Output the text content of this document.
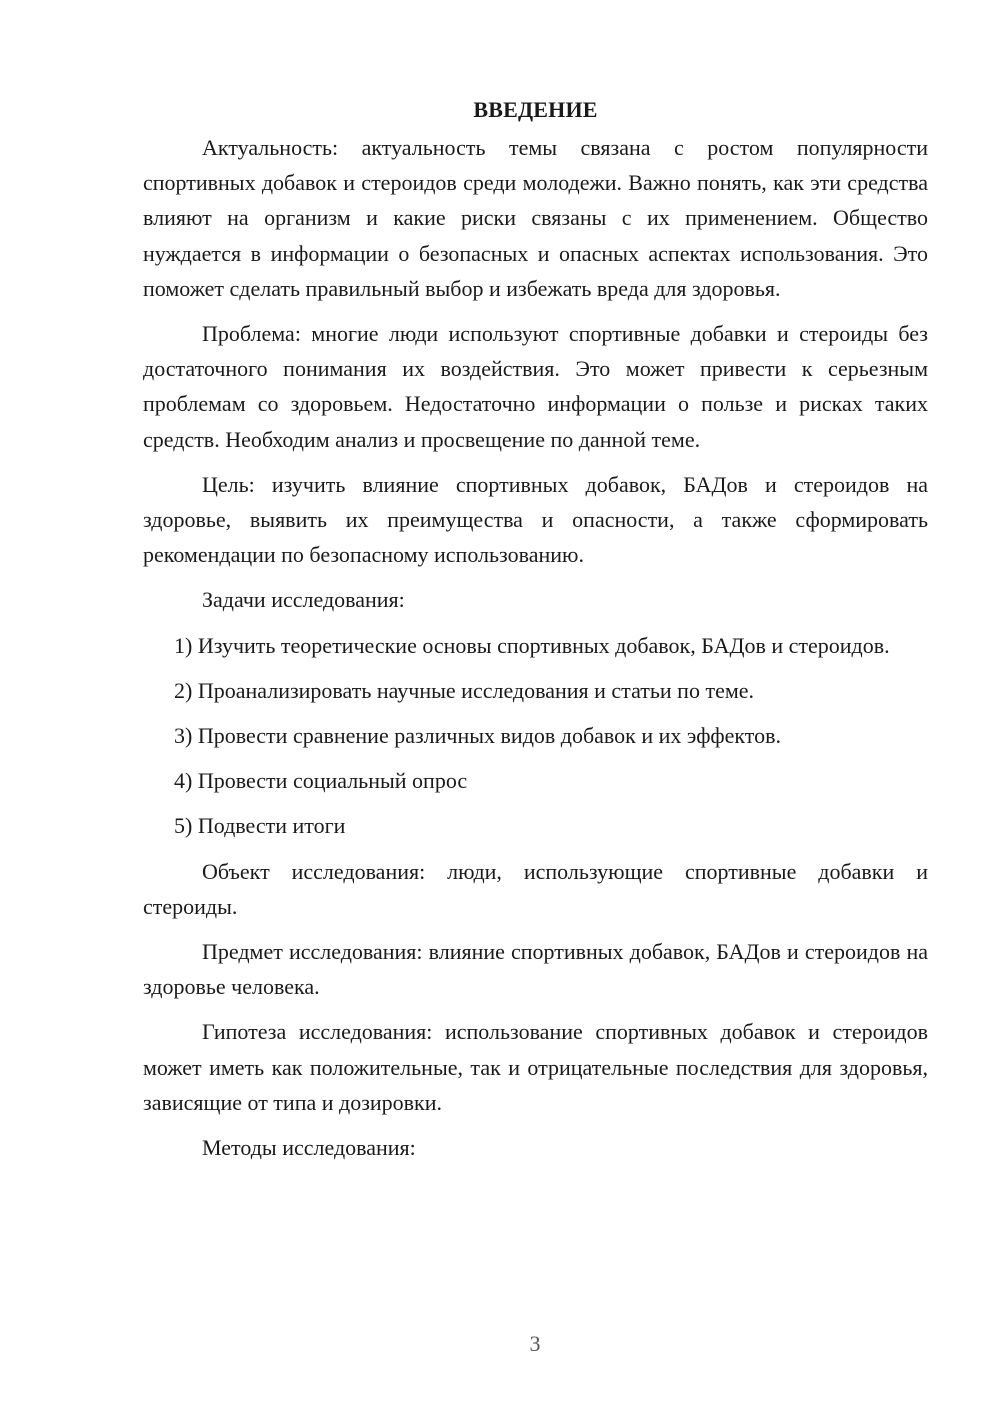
ВВЕДЕНИЕ

Актуальность: актуальность темы связана с ростом популярности спортивных добавок и стероидов среди молодежи. Важно понять, как эти средства влияют на организм и какие риски связаны с их применением. Общество нуждается в информации о безопасных и опасных аспектах использования. Это поможет сделать правильный выбор и избежать вреда для здоровья.

Проблема: многие люди используют спортивные добавки и стероиды без достаточного понимания их воздействия. Это может привести к серьезным проблемам со здоровьем. Недостаточно информации о пользе и рисках таких средств. Необходим анализ и просвещение по данной теме.

Цель: изучить влияние спортивных добавок, БАДов и стероидов на здоровье, выявить их преимущества и опасности, а также сформировать рекомендации по безопасному использованию.

Задачи исследования:

1) Изучить теоретические основы спортивных добавок, БАДов и стероидов.

2) Проанализировать научные исследования и статьи по теме.

3) Провести сравнение различных видов добавок и их эффектов.

4) Провести социальный опрос

5) Подвести итоги

Объект исследования: люди, использующие спортивные добавки и стероиды.

Предмет исследования: влияние спортивных добавок, БАДов и стероидов на здоровье человека.

Гипотеза исследования: использование спортивных добавок и стероидов может иметь как положительные, так и отрицательные последствия для здоровья, зависящие от типа и дозировки.

Методы исследования:

3
